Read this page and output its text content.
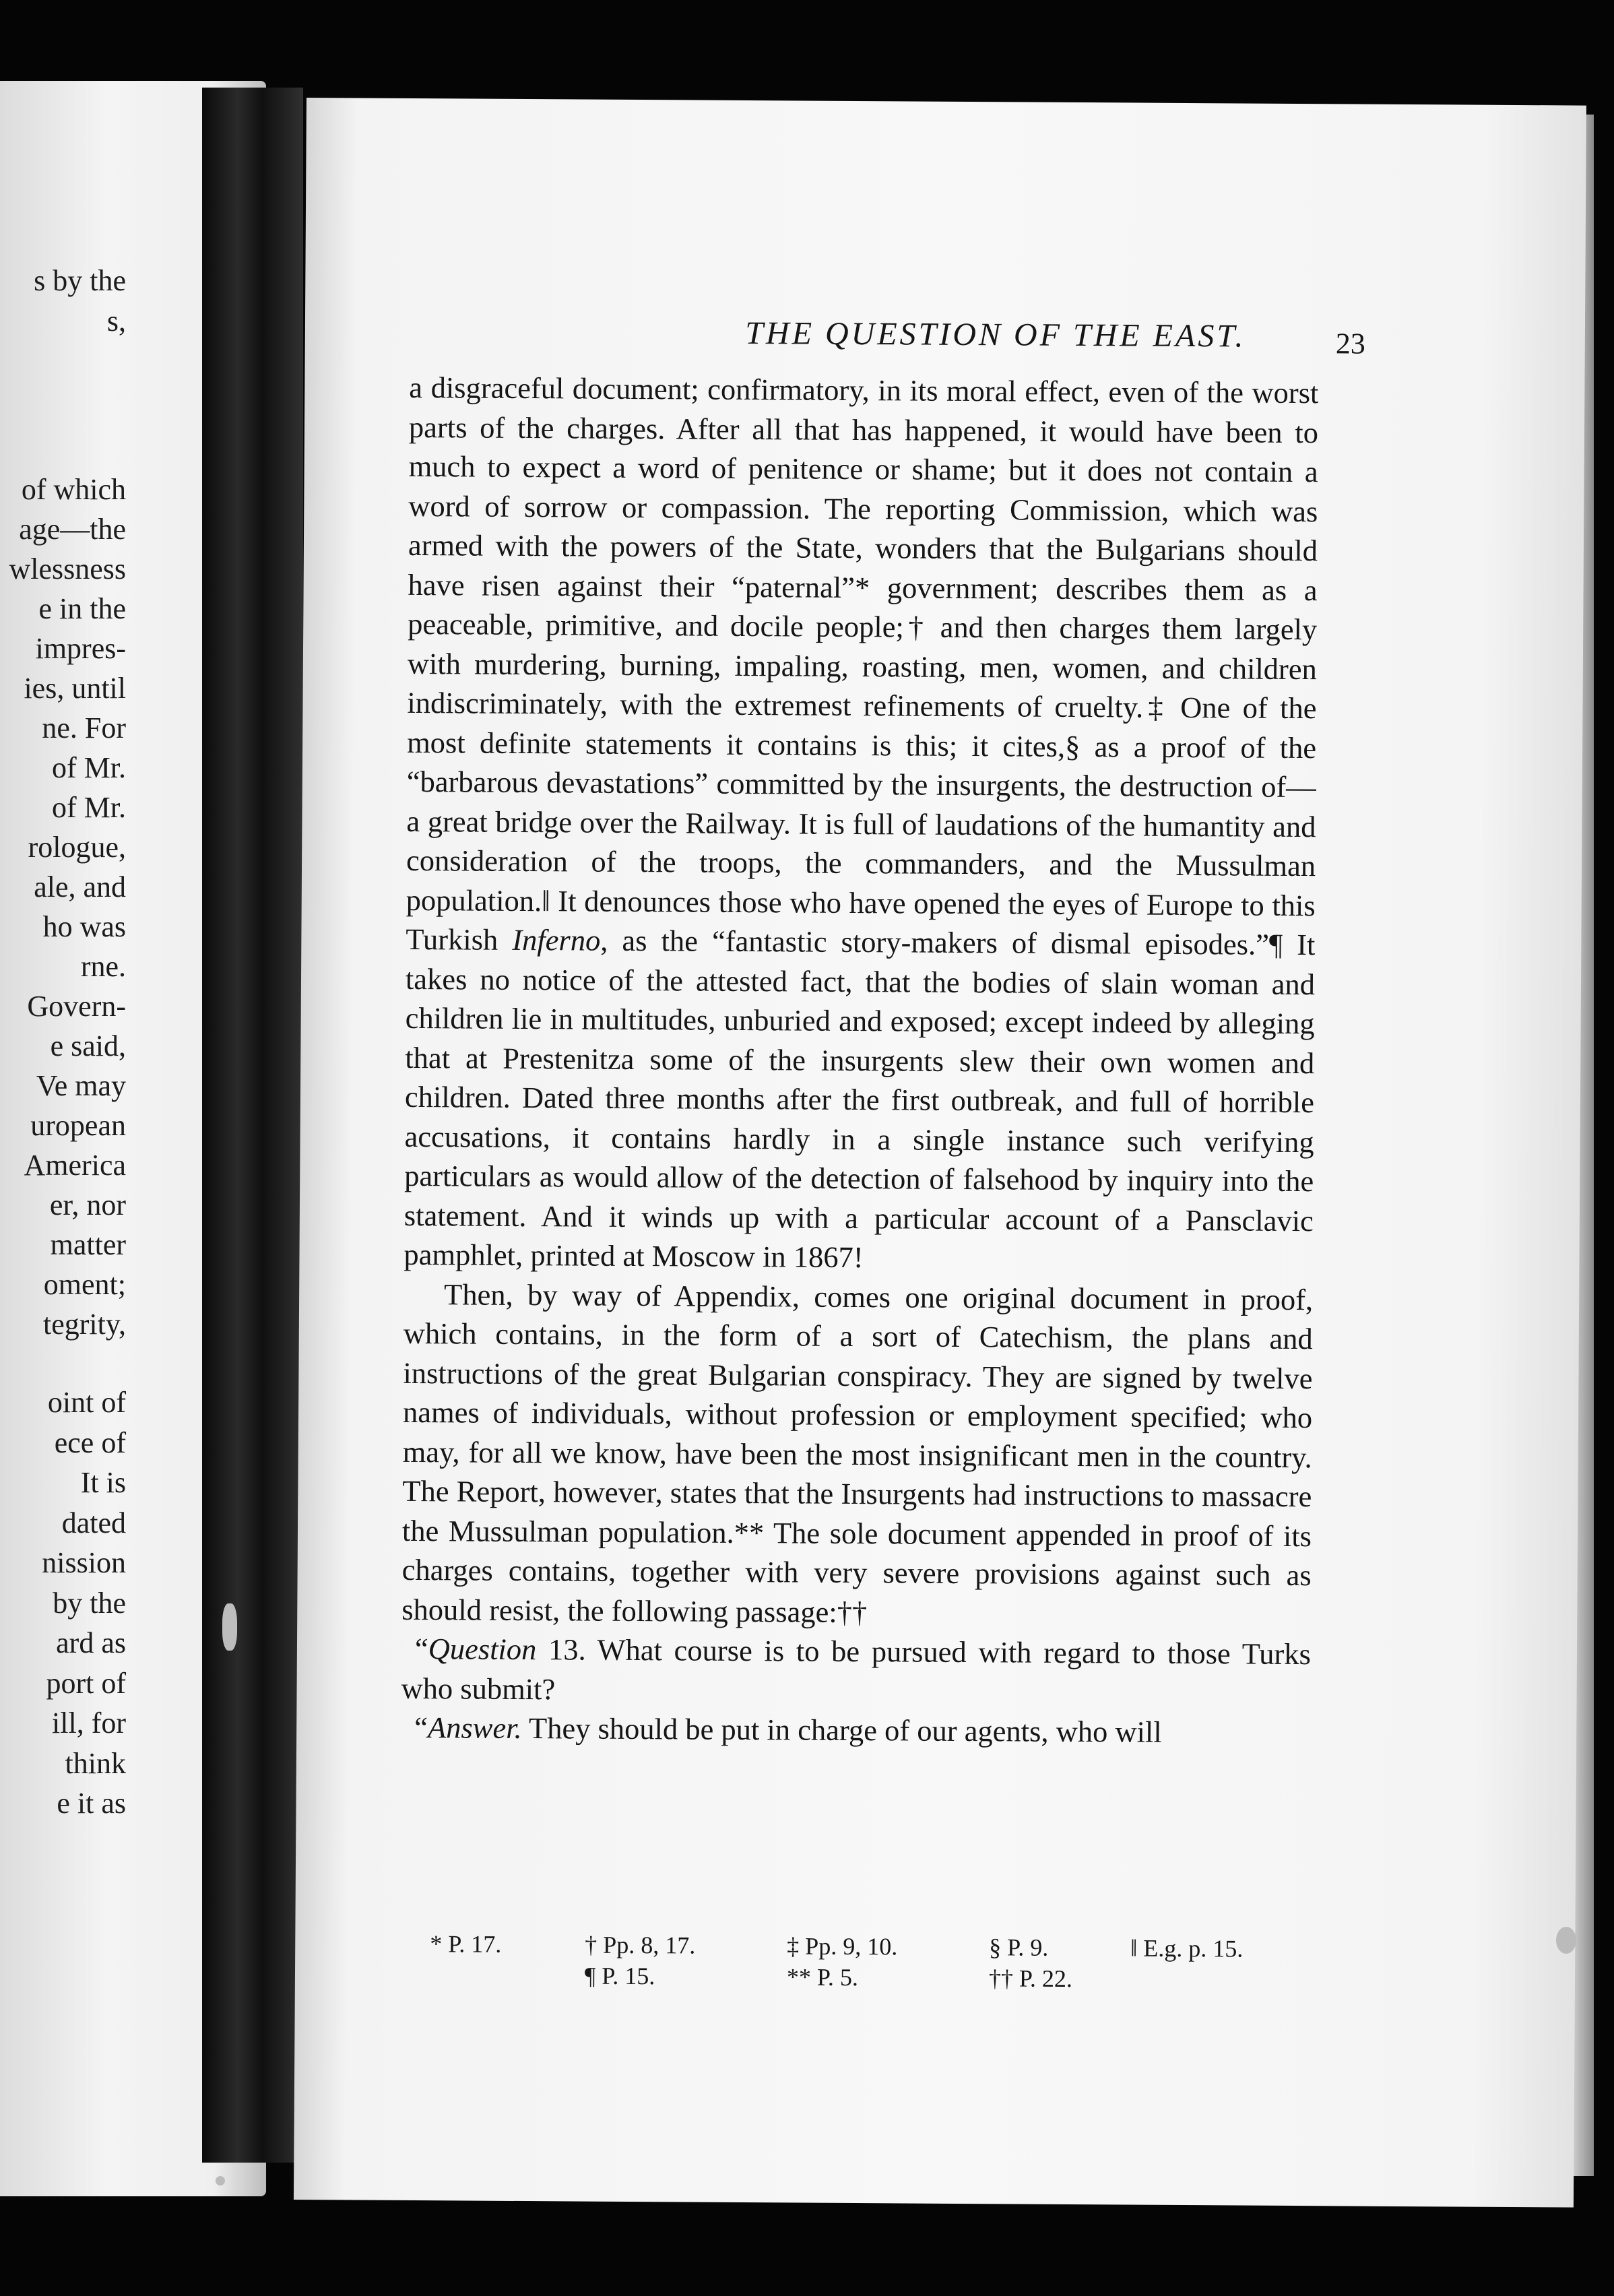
s by the
s,
of which
age—the
wlessness
e in the
impres-
ies, until
ne. For
of Mr.
of Mr.
rologue,
ale, and
ho was
rne.
Govern-
e said,
Ve may
uropean
America
er, nor
matter
oment;
tegrity,
oint of
ece of
It is
dated
nission
by the
ard as
port of
ill, for
think
e it as
THE QUESTION OF THE EAST.	23

a disgraceful document; confirmatory, in its moral effect, even of the worst parts of the charges. After all that has happened, it would have been to much to expect a word of penitence or shame; but it does not contain a word of sorrow or compassion. The reporting Commission, which was armed with the powers of the State, wonders that the Bulgarians should have risen against their “paternal”* government; describes them as a peaceable, primitive, and docile people;† and then charges them largely with murdering, burning, impaling, roasting, men, women, and children indiscriminately, with the extremest refinements of cruelty.‡ One of the most definite statements it contains is this; it cites,§ as a proof of the “barbarous devastations” committed by the insurgents, the destruction of—a great bridge over the Railway. It is full of laudations of the humantity and consideration of the troops, the commanders, and the Mussulman population.‖ It denounces those who have opened the eyes of Europe to this Turkish Inferno, as the “fantastic story-makers of dismal episodes.”¶ It takes no notice of the attested fact, that the bodies of slain woman and children lie in multitudes, unburied and exposed; except indeed by alleging that at Prestenitza some of the insurgents slew their own women and children. Dated three months after the first outbreak, and full of horrible accusations, it contains hardly in a single instance such verifying particulars as would allow of the detection of falsehood by inquiry into the statement. And it winds up with a particular account of a Pansclavic pamphlet, printed at Moscow in 1867!

Then, by way of Appendix, comes one original document in proof, which contains, in the form of a sort of Catechism, the plans and instructions of the great Bulgarian conspiracy. They are signed by twelve names of individuals, without profession or employment specified; who may, for all we know, have been the most insignificant men in the country. The Report, however, states that the Insurgents had instructions to massacre the Mussulman population.** The sole document appended in proof of its charges contains, together with very severe provisions against such as should resist, the following passage:††

“Question 13. What course is to be pursued with regard to those Turks who submit?

“Answer. They should be put in charge of our agents, who will

* P. 17.	† Pp. 8, 17.	‡ Pp. 9, 10.	§ P. 9.	‖ E.g. p. 15.
¶ P. 15.	** P. 5.	†† P. 22.
